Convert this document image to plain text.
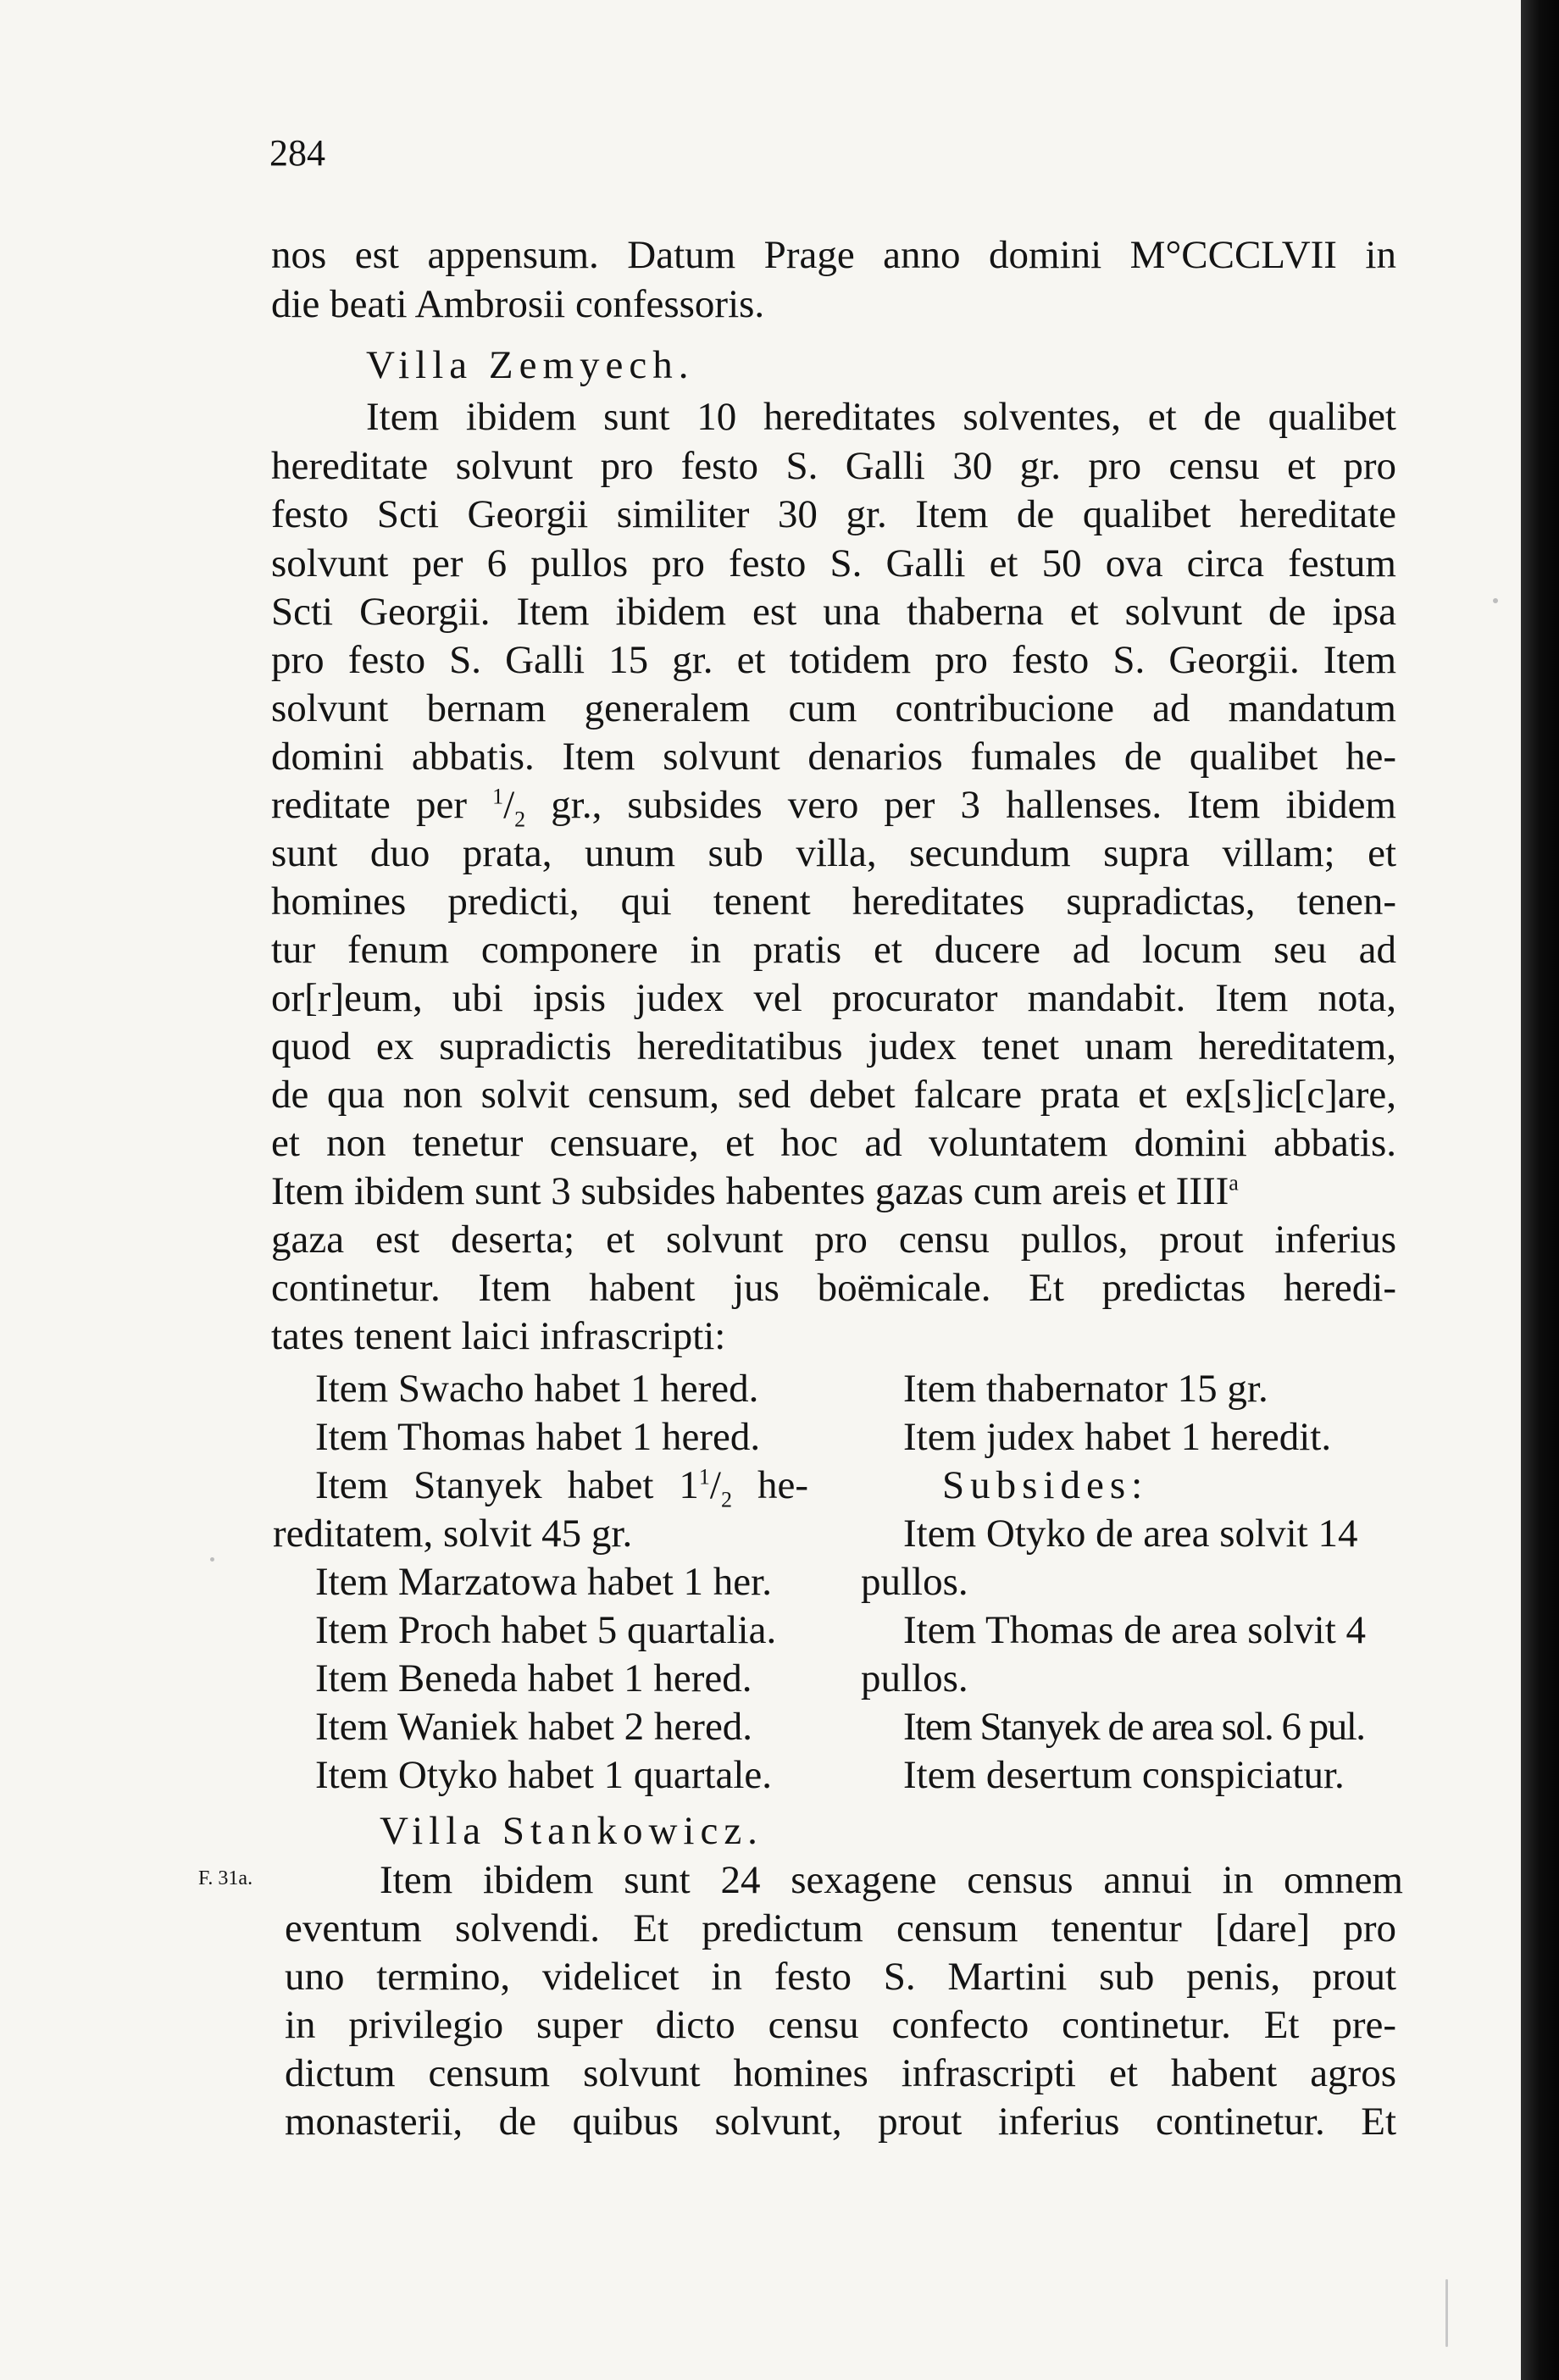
284
nos est appensum. Datum Prage anno domini M°CCCLVII in
die beati Ambrosii confessoris.
Villa Zemyech.
Item ibidem sunt 10 hereditates solventes, et de qualibet
hereditate solvunt pro festo S. Galli 30 gr. pro censu et pro
festo Scti Georgii similiter 30 gr. Item de qualibet hereditate
solvunt per 6 pullos pro festo S. Galli et 50 ova circa festum
Scti Georgii. Item ibidem est una thaberna et solvunt de ipsa
pro festo S. Galli 15 gr. et totidem pro festo S. Georgii. Item
solvunt bernam generalem cum contribucione ad mandatum
domini abbatis. Item solvunt denarios fumales de qualibet he-
reditate per $^1/_2$ gr., subsides vero per 3 hallenses. Item ibidem
sunt duo prata, unum sub villa, secundum supra villam; et
homines predicti, qui tenent hereditates supradictas, tenen-
tur fenum componere in pratis et ducere ad locum seu ad
or[r]eum, ubi ipsis judex vel procurator mandabit. Item nota,
quod ex supradictis hereditatibus judex tenet unam hereditatem,
de qua non solvit censum, sed debet falcare prata et ex[s]ic[c]are,
et non tenetur censuare, et hoc ad voluntatem domini abbatis.
Item ibidem sunt 3 subsides habentes gazas cum areis et IIII$^a$
gaza est deserta; et solvunt pro censu pullos, prout inferius
continetur. Item habent jus boëmicale. Et predictas heredi-
tates tenent laici infrascripti:
Item Swacho habet 1 hered.
Item Thomas habet 1 hered.
Item Stanyek habet $1^1/_2$ he-
reditatem, solvit 45 gr.
Item Marzatowa habet 1 her.
Item Proch habet 5 quartalia.
Item Beneda habet 1 hered.
Item Waniek habet 2 hered.
Item Otyko habet 1 quartale.
Item thabernator 15 gr.
Item judex habet 1 heredit.
Subsides:
Item Otyko de area solvit 14
pullos.
Item Thomas de area solvit 4
pullos.
Item Stanyek de area sol. 6 pul.
Item desertum conspiciatur.
Villa Stankowicz.
F. 31a.	Item ibidem sunt 24 sexagene census annui in omnem
eventum solvendi. Et predictum censum tenentur [dare] pro
uno termino, videlicet in festo S. Martini sub penis, prout
in privilegio super dicto censu confecto continetur. Et pre-
dictum censum solvunt homines infrascripti et habent agros
monasterii, de quibus solvunt, prout inferius continetur. Et
